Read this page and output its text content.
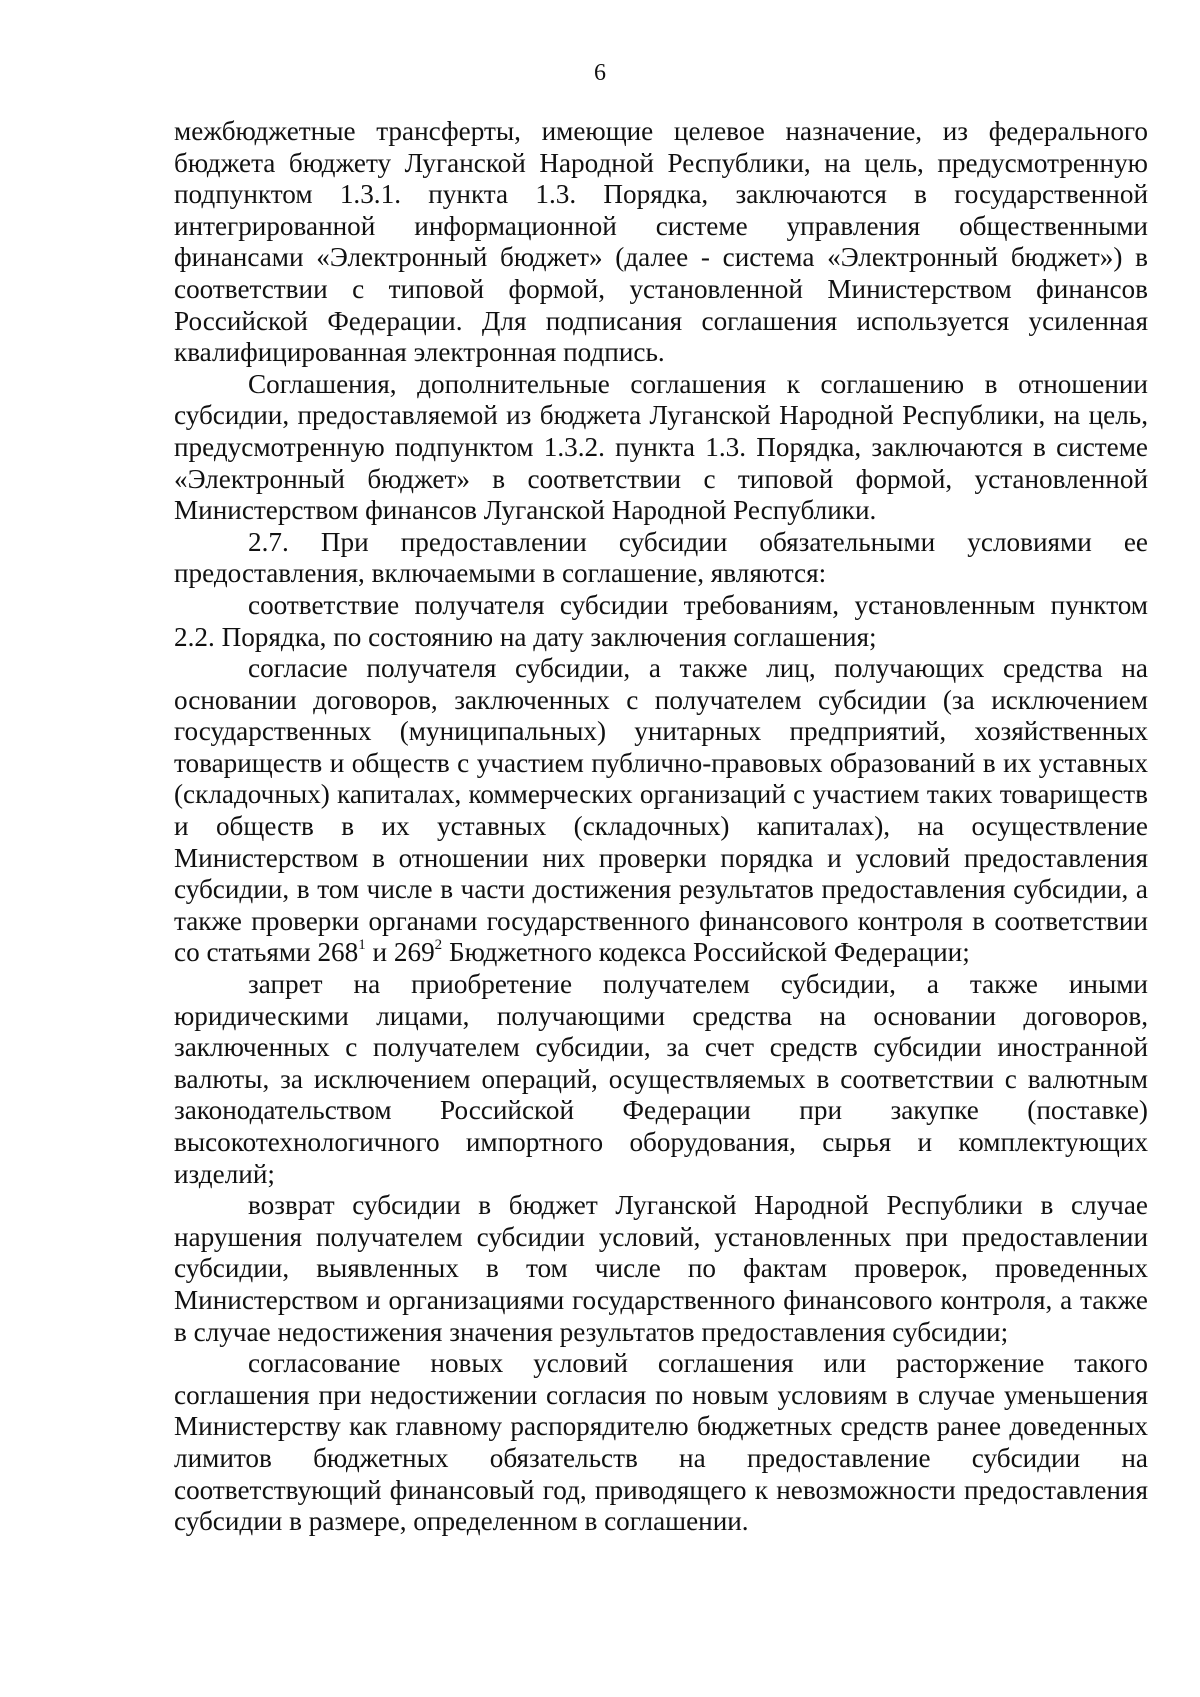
6

межбюджетные трансферты, имеющие целевое назначение, из федерального бюджета бюджету Луганской Народной Республики, на цель, предусмотренную подпунктом 1.3.1. пункта 1.3. Порядка, заключаются в государственной интегрированной информационной системе управления общественными финансами «Электронный бюджет» (далее - система «Электронный бюджет») в соответствии с типовой формой, установленной Министерством финансов Российской Федерации. Для подписания соглашения используется усиленная квалифицированная электронная подпись.

Соглашения, дополнительные соглашения к соглашению в отношении субсидии, предоставляемой из бюджета Луганской Народной Республики, на цель, предусмотренную подпунктом 1.3.2. пункта 1.3. Порядка, заключаются в системе «Электронный бюджет» в соответствии с типовой формой, установленной Министерством финансов Луганской Народной Республики.

2.7. При предоставлении субсидии обязательными условиями ее предоставления, включаемыми в соглашение, являются:

соответствие получателя субсидии требованиям, установленным пунктом 2.2. Порядка, по состоянию на дату заключения соглашения;

согласие получателя субсидии, а также лиц, получающих средства на основании договоров, заключенных с получателем субсидии (за исключением государственных (муниципальных) унитарных предприятий, хозяйственных товариществ и обществ с участием публично-правовых образований в их уставных (складочных) капиталах, коммерческих организаций с участием таких товариществ и обществ в их уставных (складочных) капиталах), на осуществление Министерством в отношении них проверки порядка и условий предоставления субсидии, в том числе в части достижения результатов предоставления субсидии, а также проверки органами государственного финансового контроля в соответствии со статьями $268^1$ и $269^2$ Бюджетного кодекса Российской Федерации;

запрет на приобретение получателем субсидии, а также иными юридическими лицами, получающими средства на основании договоров, заключенных с получателем субсидии, за счет средств субсидии иностранной валюты, за исключением операций, осуществляемых в соответствии с валютным законодательством Российской Федерации при закупке (поставке) высокотехнологичного импортного оборудования, сырья и комплектующих изделий;

возврат субсидии в бюджет Луганской Народной Республики в случае нарушения получателем субсидии условий, установленных при предоставлении субсидии, выявленных в том числе по фактам проверок, проведенных Министерством и организациями государственного финансового контроля, а также в случае недостижения значения результатов предоставления субсидии;

согласование новых условий соглашения или расторжение такого соглашения при недостижении согласия по новым условиям в случае уменьшения Министерству как главному распорядителю бюджетных средств ранее доведенных лимитов бюджетных обязательств на предоставление субсидии на соответствующий финансовый год, приводящего к невозможности предоставления субсидии в размере, определенном в соглашении.
